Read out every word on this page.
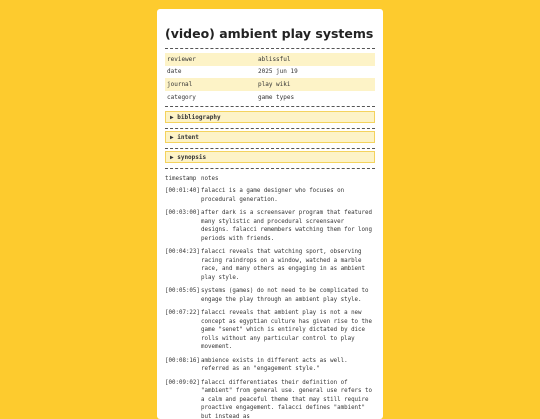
(video) ambient play systems
reviewer	ablissful
date	2025 jun 19
journal	play wiki
category	game types
▶ bibliography
▶ intent
▶ synopsis
timestamp notes
[00:01:40] falacci is a game designer who focuses on procedural generation.
[00:03:00] after dark is a screensaver program that featured many stylistic and procedural screensaver designs. falacci remembers watching them for long periods with friends.
[00:04:23] falacci reveals that watching sport, observing racing raindrops on a window, watched a marble race, and many others as engaging in as ambient play style.
[00:05:05] systems (games) do not need to be complicated to engage the play through an ambient play style.
[00:07:22] falacci reveals that ambient play is not a new concept as egyptian culture has given rise to the game "senet" which is entirely dictated by dice rolls without any particular control to play movement.
[00:08:16] ambience exists in different acts as well. referred as an "engagement style."
[00:09:02] falacci differentiates their definition of "ambient" from general use. general use refers to a calm and peaceful theme that may still require proactive engagement. falacci defines "ambient" but instead as
